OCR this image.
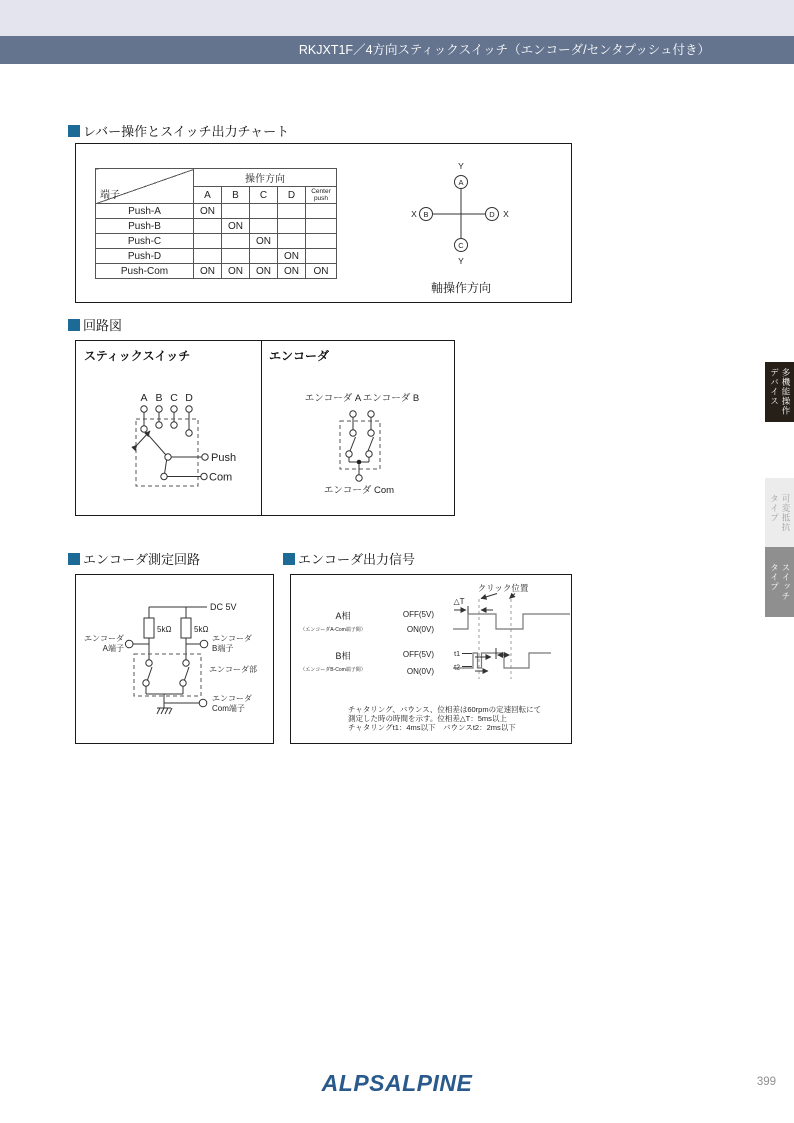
RKJXT1F／4方向スティックスイッチ（エンコーダ/センタプッシュ付き）
レバー操作とスイッチ出力チャート
端子	操作方向				
	A	B	C	D	Center push
Push-A	ON				
Push-B		ON			
Push-C			ON		
Push-D				ON	
Push-Com	ON	ON	ON	ON	ON
A
B	D
C
Y
Y
X	X
軸操作方向
回路図
スティックスイッチ	エンコーダ
A B C D
Push
Com
エンコーダ A エンコーダ B
エンコーダ Com
エンコーダ測定回路
DC 5V
5kΩ	5kΩ
エンコーダ
A端子
エンコーダ
B端子
エンコーダ部
エンコーダ
Com端子
エンコーダ出力信号
クリック位置
△T
A相
（エンコーダA-Com端子間）
OFF(5V)
ON(0V)
B相
（エンコーダB-Com端子間）
OFF(5V)
ON(0V)
t1
t2
チャタリング、バウンス、位相差は60rpmの定速回転にて
測定した時の時間を示す。位相差△T：5ms以上
チャタリングt1：4ms以下　バウンスt2：2ms以下
多機能操作
デバイス
可変抵抗
タイプ
スイッチ
タイプ
ALPSALPINE	399
